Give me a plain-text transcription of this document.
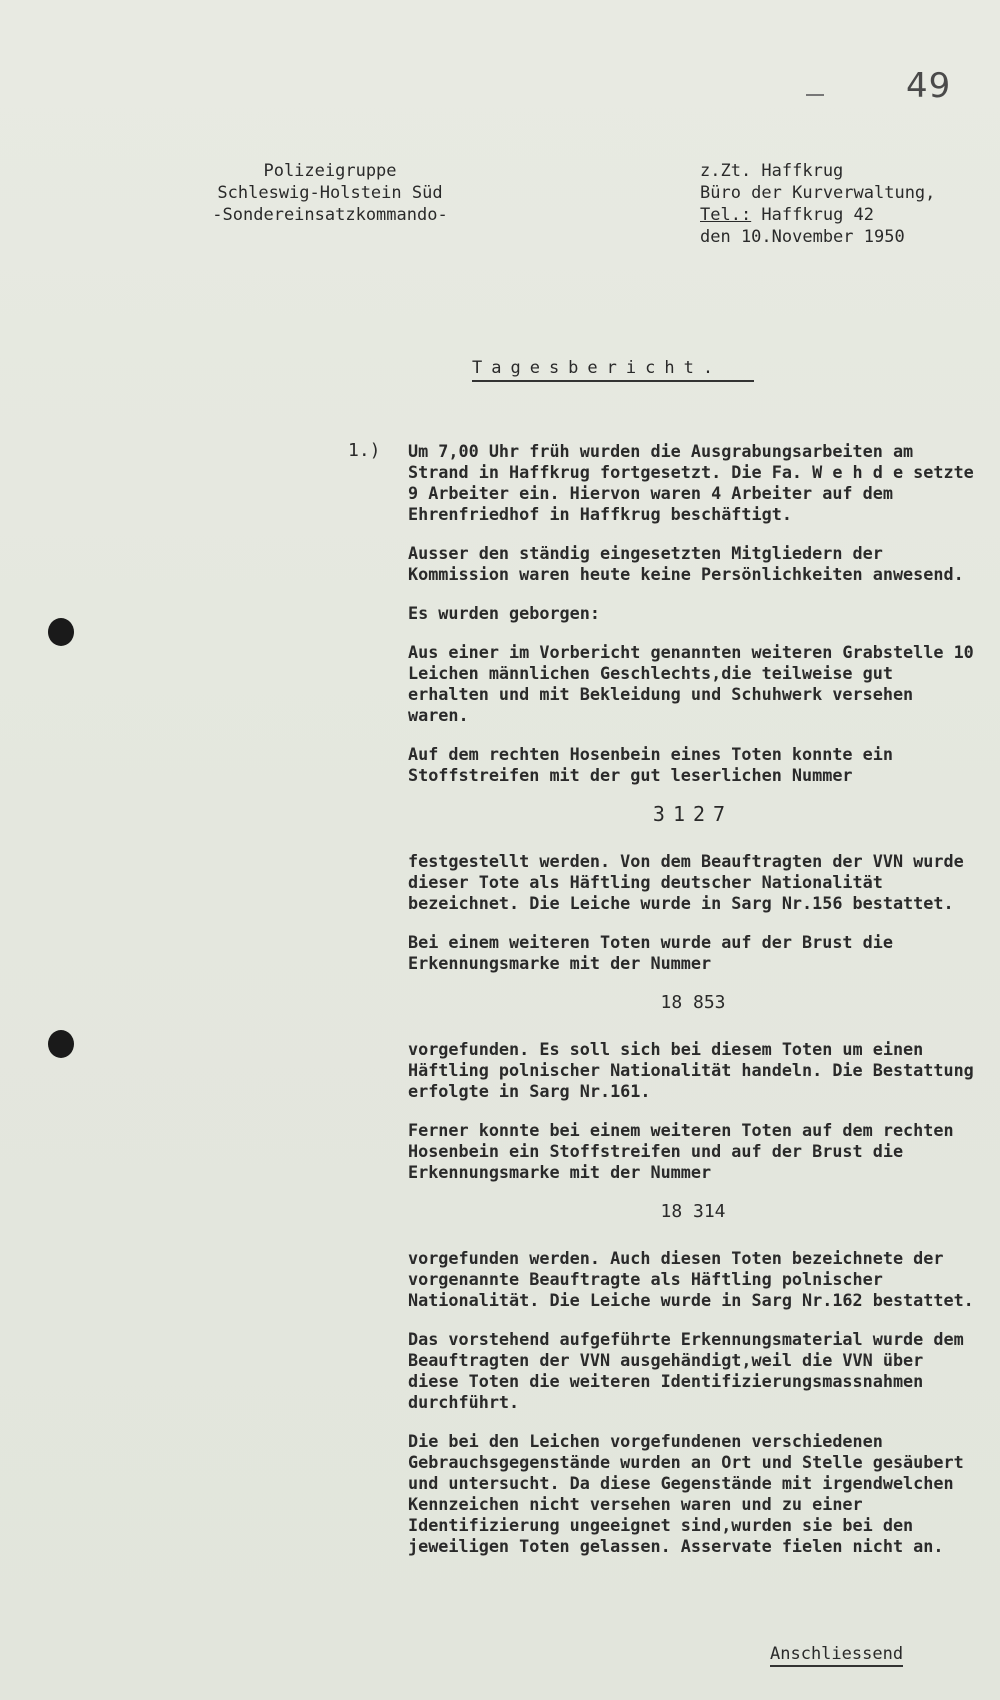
49
Polizeigruppe
Schleswig-Holstein Süd
-Sondereinsatzkommando-
z.Zt. Haffkrug
Büro der Kurverwaltung,
Tel.: Haffkrug 42
den 10.November 1950
Tagesbericht.
1.) Um 7,00 Uhr früh wurden die Ausgrabungsarbeiten am Strand in Haffkrug fortgesetzt. Die Fa. W e h d e setzte 9 Arbeiter ein. Hiervon waren 4 Arbeiter auf dem Ehrenfriedhof in Haffkrug beschäftigt.

Ausser den ständig eingesetzten Mitgliedern der Kommission waren heute keine Persönlichkeiten anwesend.

Es wurden geborgen:

Aus einer im Vorbericht genannten weiteren Grabstelle 10 Leichen männlichen Geschlechts,die teilweise gut erhalten und mit Bekleidung und Schuhwerk versehen waren.

Auf dem rechten Hosenbein eines Toten konnte ein Stoffstreifen mit der gut leserlichen Nummer

3127

festgestellt werden. Von dem Beauftragten der VVN wurde dieser Tote als Häftling deutscher Nationalität bezeichnet. Die Leiche wurde in Sarg Nr.156 bestattet.

Bei einem weiteren Toten wurde auf der Brust die Erkennungsmarke mit der Nummer

18 853

vorgefunden. Es soll sich bei diesem Toten um einen Häftling polnischer Nationalität handeln. Die Bestattung erfolgte in Sarg Nr.161.

Ferner konnte bei einem weiteren Toten auf dem rechten Hosenbein ein Stoffstreifen und auf der Brust die Erkennungsmarke mit der Nummer

18 314

vorgefunden werden. Auch diesen Toten bezeichnete der vorgenannte Beauftragte als Häftling polnischer Nationalität. Die Leiche wurde in Sarg Nr.162 bestattet.

Das vorstehend aufgeführte Erkennungsmaterial wurde dem Beauftragten der VVN ausgehändigt,weil die VVN über diese Toten die weiteren Identifizierungsmassnahmen durchführt.

Die bei den Leichen vorgefundenen verschiedenen Gebrauchsgegenstände wurden an Ort und Stelle gesäubert und untersucht. Da diese Gegenstände mit irgendwelchen Kennzeichen nicht versehen waren und zu einer Identifizierung ungeeignet sind,wurden sie bei den jeweiligen Toten gelassen. Asservate fielen nicht an.

Anschliessend
